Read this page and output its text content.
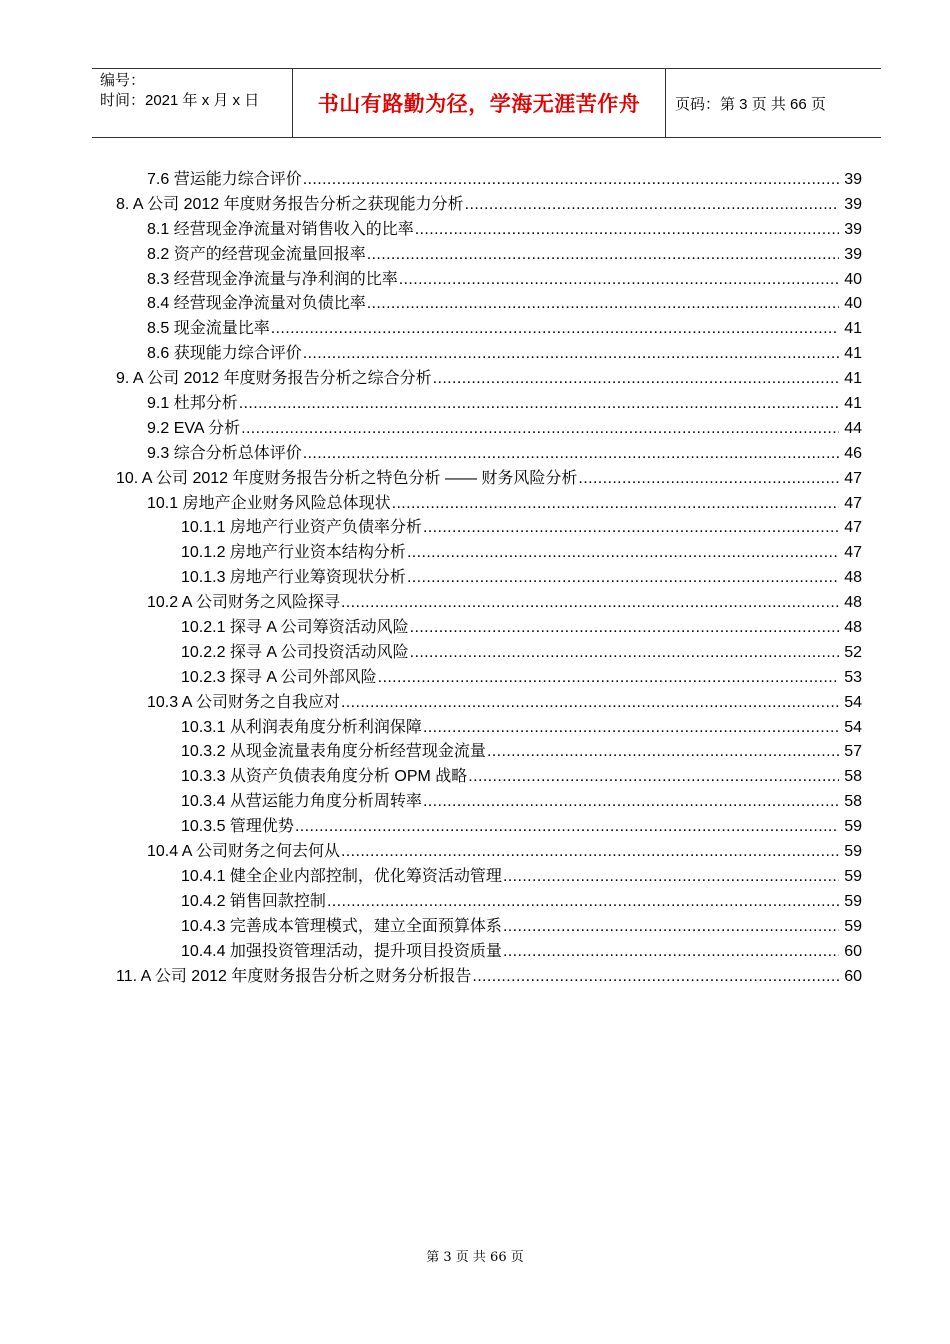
编号：
时间：2021 年 x 月 x 日	书山有路勤为径，学海无涯苦作舟 页码：第 3 页 共 66 页
7.6 营运能力综合评价 .....	39
8. A 公司 2012 年度财务报告分析之获现能力分析 .....	39
8.1 经营现金净流量对销售收入的比率 .....	39
8.2 资产的经营现金流量回报率 .....	39
8.3 经营现金净流量与净利润的比率 .....	40
8.4 经营现金净流量对负债比率 .....	40
8.5 现金流量比率 .....	41
8.6 获现能力综合评价 .....	41
9. A 公司 2012 年度财务报告分析之综合分析 .....	41
9.1 杜邦分析 .....	41
9.2 EVA 分析 .....	44
9.3 综合分析总体评价 .....	46
10. A 公司 2012 年度财务报告分析之特色分析 —— 财务风险分析 .....	47
10.1 房地产企业财务风险总体现状 .....	47
10.1.1 房地产行业资产负债率分析 .....	47
10.1.2 房地产行业资本结构分析 .....	47
10.1.3 房地产行业筹资现状分析 .....	48
10.2 A 公司财务之风险探寻 .....	48
10.2.1 探寻 A 公司筹资活动风险 .....	48
10.2.2 探寻 A 公司投资活动风险 .....	52
10.2.3 探寻 A 公司外部风险 .....	53
10.3 A 公司财务之自我应对 .....	54
10.3.1 从利润表角度分析利润保障 .....	54
10.3.2 从现金流量表角度分析经营现金流量 .....	57
10.3.3 从资产负债表角度分析 OPM 战略 .....	58
10.3.4 从营运能力角度分析周转率 .....	58
10.3.5 管理优势 .....	59
10.4 A 公司财务之何去何从 .....	59
10.4.1 健全企业内部控制，优化筹资活动管理 .....	59
10.4.2 销售回款控制 .....	59
10.4.3 完善成本管理模式，建立全面预算体系 .....	59
10.4.4 加强投资管理活动，提升项目投资质量 .....	60
11. A 公司 2012 年度财务报告分析之财务分析报告 .....	60
第 3 页 共 66 页
